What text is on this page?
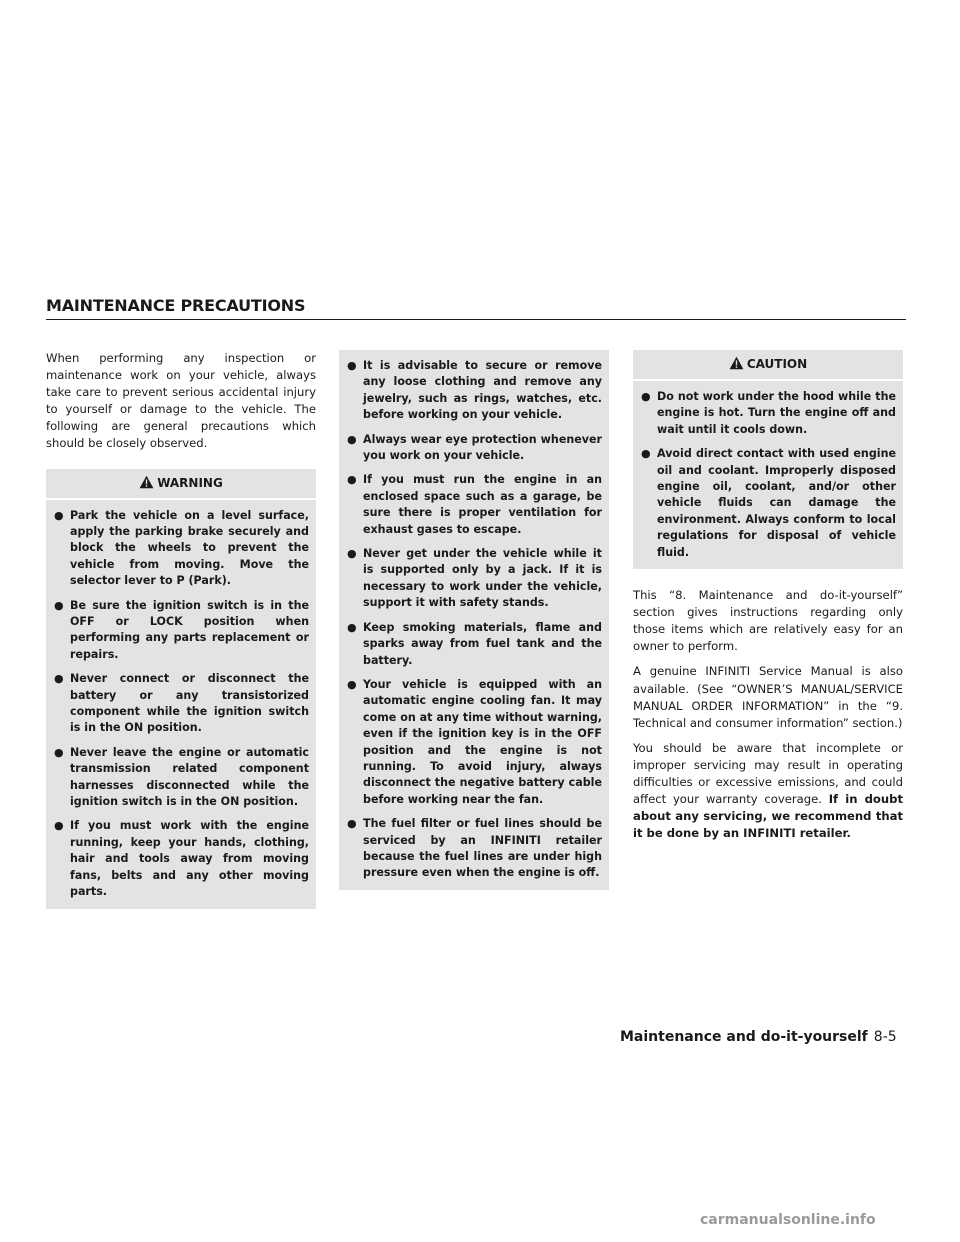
MAINTENANCE PRECAUTIONS

When performing any inspection or maintenance work on your vehicle, always take care to prevent serious accidental injury to yourself or damage to the vehicle. The following are general precautions which should be closely observed.

WARNING
● Park the vehicle on a level surface, apply the parking brake securely and block the wheels to prevent the vehicle from moving. Move the selector lever to P (Park).
● Be sure the ignition switch is in the OFF or LOCK position when performing any parts replacement or repairs.
● Never connect or disconnect the battery or any transistorized component while the ignition switch is in the ON position.
● Never leave the engine or automatic transmission related component harnesses disconnected while the ignition switch is in the ON position.
● If you must work with the engine running, keep your hands, clothing, hair and tools away from moving fans, belts and any other moving parts.
● It is advisable to secure or remove any loose clothing and remove any jewelry, such as rings, watches, etc. before working on your vehicle.
● Always wear eye protection whenever you work on your vehicle.
● If you must run the engine in an enclosed space such as a garage, be sure there is proper ventilation for exhaust gases to escape.
● Never get under the vehicle while it is supported only by a jack. If it is necessary to work under the vehicle, support it with safety stands.
● Keep smoking materials, flame and sparks away from fuel tank and the battery.
● Your vehicle is equipped with an automatic engine cooling fan. It may come on at any time without warning, even if the ignition key is in the OFF position and the engine is not running. To avoid injury, always disconnect the negative battery cable before working near the fan.
● The fuel filter or fuel lines should be serviced by an INFINITI retailer because the fuel lines are under high pressure even when the engine is off.
CAUTION
● Do not work under the hood while the engine is hot. Turn the engine off and wait until it cools down.
● Avoid direct contact with used engine oil and coolant. Improperly disposed engine oil, coolant, and/or other vehicle fluids can damage the environment. Always conform to local regulations for disposal of vehicle fluid.

This “8. Maintenance and do-it-yourself” section gives instructions regarding only those items which are relatively easy for an owner to perform.

A genuine INFINITI Service Manual is also available. (See “OWNER’S MANUAL/SERVICE MANUAL ORDER INFORMATION” in the “9. Technical and consumer information” section.)

You should be aware that incomplete or improper servicing may result in operating difficulties or excessive emissions, and could affect your warranty coverage. If in doubt about any servicing, we recommend that it be done by an INFINITI retailer.

Maintenance and do-it-yourself 8-5
carmanualsonline.info
